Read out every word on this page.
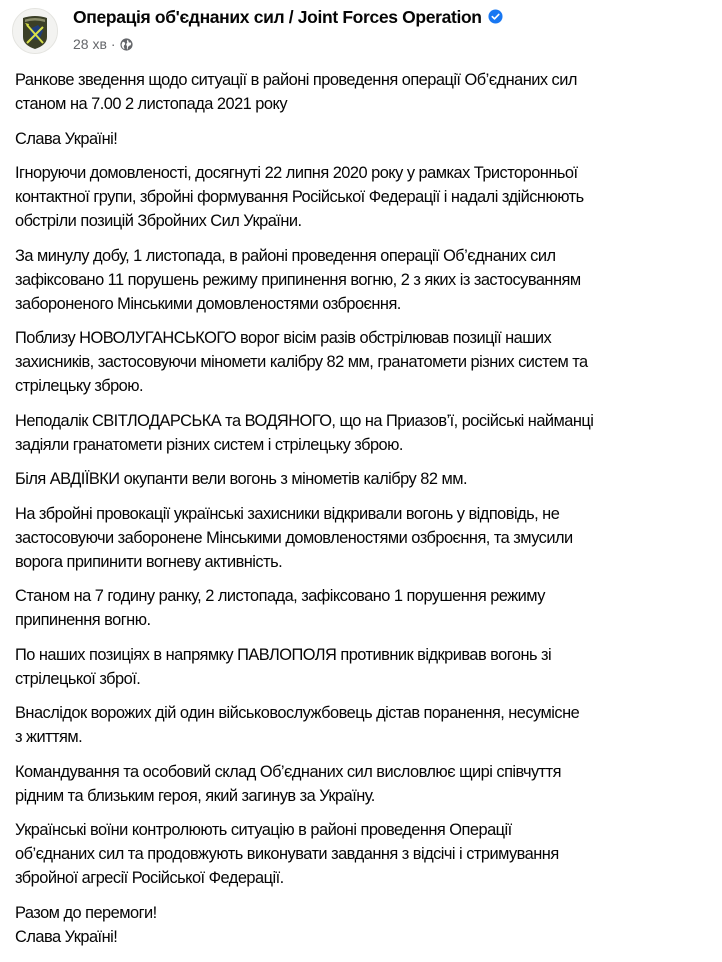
Операція об'єднаних сил / Joint Forces Operation
28 хв ·
Ранкове зведення щодо ситуації в районі проведення операції Об’єднаних сил
станом на 7.00 2 листопада 2021 року
Слава Україні!
Ігноруючи домовленості, досягнуті 22 липня 2020 року у рамках Тристоронньої
контактної групи, збройні формування Російської Федерації і надалі здійснюють
обстріли позицій Збройних Сил України.
За минулу добу, 1 листопада, в районі проведення операції Об’єднаних сил
зафіксовано 11 порушень режиму припинення вогню, 2 з яких із застосуванням
забороненого Мінськими домовленостями озброєння.
Поблизу НОВОЛУГАНСЬКОГО ворог вісім разів обстрілював позиції наших
захисників, застосовуючи міномети калібру 82 мм, гранатомети різних систем та
стрілецьку зброю.
Неподалік СВІТЛОДАРСЬКА та ВОДЯНОГО, що на Приазов’ї, російські найманці
задіяли гранатомети різних систем і стрілецьку зброю.
Біля АВДІЇВКИ окупанти вели вогонь з мінометів калібру 82 мм.
На збройні провокації українські захисники відкривали вогонь у відповідь, не
застосовуючи заборонене Мінськими домовленостями озброєння, та змусили
ворога припинити вогневу активність.
Станом на 7 годину ранку, 2 листопада, зафіксовано 1 порушення режиму
припинення вогню.
По наших позиціях в напрямку ПАВЛОПОЛЯ противник відкривав вогонь зі
стрілецької зброї.
Внаслідок ворожих дій один військовослужбовець дістав поранення, несумісне
з життям.
Командування та особовий склад Об’єднаних сил висловлює щирі співчуття
рідним та близьким героя, який загинув за Україну.
Українські воїни контролюють ситуацію в районі проведення Операції
об’єднаних сил та продовжують виконувати завдання з відсічі і стримування
збройної агресії Російської Федерації.
Разом до перемоги!
Слава Україні!
